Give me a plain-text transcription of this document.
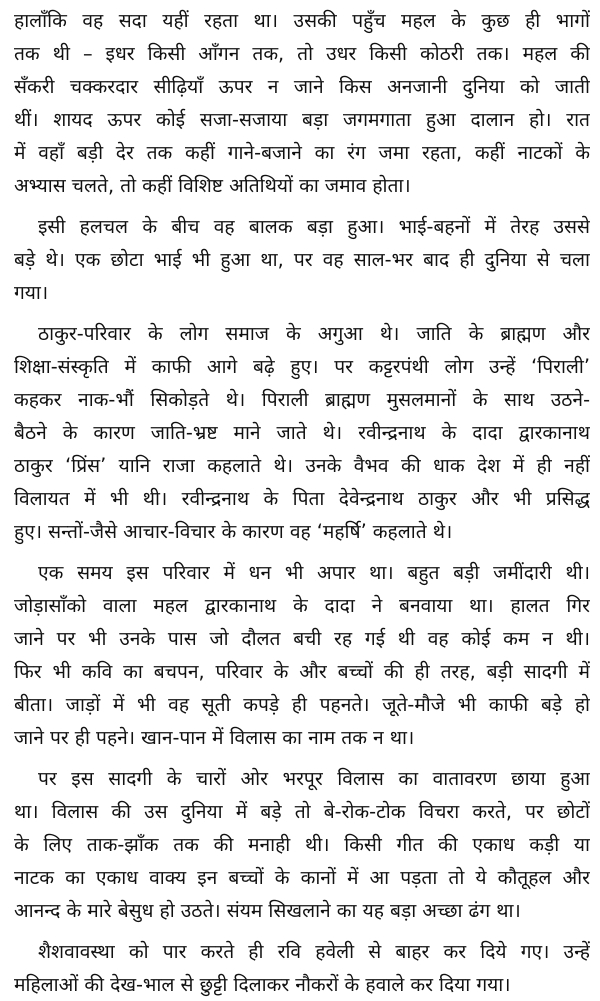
हालाँकि वह सदा यहीं रहता था। उसकी पहुँच महल के कुछ ही भागों
तक थी – इधर किसी आँगन तक, तो उधर किसी कोठरी तक। महल की
सँकरी चक्करदार सीढ़ियाँ ऊपर न जाने किस अनजानी दुनिया को जाती
थीं। शायद ऊपर कोई सजा-सजाया बड़ा जगमगाता हुआ दालान हो। रात
में वहाँ बड़ी देर तक कहीं गाने-बजाने का रंग जमा रहता, कहीं नाटकों के
अभ्यास चलते, तो कहीं विशिष्ट अतिथियों का जमाव होता।
इसी हलचल के बीच वह बालक बड़ा हुआ। भाई-बहनों में तेरह उससे
बड़े थे। एक छोटा भाई भी हुआ था, पर वह साल-भर बाद ही दुनिया से चला
गया।
ठाकुर-परिवार के लोग समाज के अगुआ थे। जाति के ब्राह्मण और
शिक्षा-संस्कृति में काफी आगे बढ़े हुए। पर कट्टरपंथी लोग उन्हें ‘पिराली’
कहकर नाक-भौं सिकोड़ते थे। पिराली ब्राह्मण मुसलमानों के साथ उठने-
बैठने के कारण जाति-भ्रष्ट माने जाते थे। रवीन्द्रनाथ के दादा द्वारकानाथ
ठाकुर ‘प्रिंस’ यानि राजा कहलाते थे। उनके वैभव की धाक देश में ही नहीं
विलायत में भी थी। रवीन्द्रनाथ के पिता देवेन्द्रनाथ ठाकुर और भी प्रसिद्ध
हुए। सन्तों-जैसे आचार-विचार के कारण वह ‘महर्षि’ कहलाते थे।
एक समय इस परिवार में धन भी अपार था। बहुत बड़ी जमींदारी थी।
जोड़ासाँको वाला महल द्वारकानाथ के दादा ने बनवाया था। हालत गिर
जाने पर भी उनके पास जो दौलत बची रह गई थी वह कोई कम न थी।
फिर भी कवि का बचपन, परिवार के और बच्चों की ही तरह, बड़ी सादगी में
बीता। जाड़ों में भी वह सूती कपड़े ही पहनते। जूते-मौजे भी काफी बड़े हो
जाने पर ही पहने। खान-पान में विलास का नाम तक न था।
पर इस सादगी के चारों ओर भरपूर विलास का वातावरण छाया हुआ
था। विलास की उस दुनिया में बड़े तो बे-रोक-टोक विचरा करते, पर छोटों
के लिए ताक-झाँक तक की मनाही थी। किसी गीत की एकाध कड़ी या
नाटक का एकाध वाक्य इन बच्चों के कानों में आ पड़ता तो ये कौतूहल और
आनन्द के मारे बेसुध हो उठते। संयम सिखलाने का यह बड़ा अच्छा ढंग था।
शैशवावस्था को पार करते ही रवि हवेली से बाहर कर दिये गए। उन्हें
महिलाओं की देख-भाल से छुट्टी दिलाकर नौकरों के हवाले कर दिया गया।
